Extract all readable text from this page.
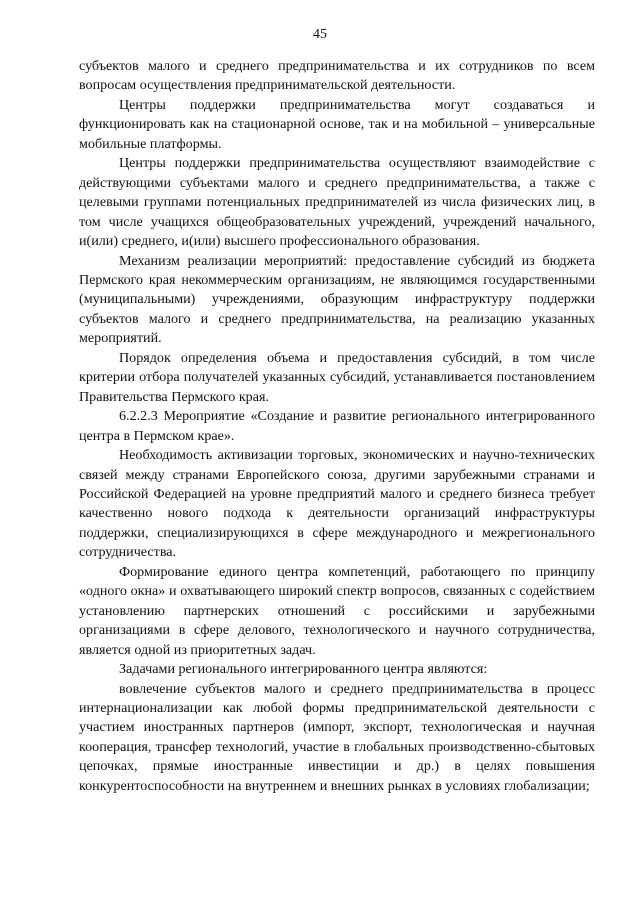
45

субъектов малого и среднего предпринимательства и их сотрудников по всем вопросам осуществления предпринимательской деятельности.

Центры поддержки предпринимательства могут создаваться и функционировать как на стационарной основе, так и на мобильной – универсальные мобильные платформы.

Центры поддержки предпринимательства осуществляют взаимодействие с действующими субъектами малого и среднего предпринимательства, а также с целевыми группами потенциальных предпринимателей из числа физических лиц, в том числе учащихся общеобразовательных учреждений, учреждений начального, и(или) среднего, и(или) высшего профессионального образования.

Механизм реализации мероприятий: предоставление субсидий из бюджета Пермского края некоммерческим организациям, не являющимся государственными (муниципальными) учреждениями, образующим инфраструктуру поддержки субъектов малого и среднего предпринимательства, на реализацию указанных мероприятий.

Порядок определения объема и предоставления субсидий, в том числе критерии отбора получателей указанных субсидий, устанавливается постановлением Правительства Пермского края.

6.2.2.3 Мероприятие «Создание и развитие регионального интегрированного центра в Пермском крае».

Необходимость активизации торговых, экономических и научно-технических связей между странами Европейского союза, другими зарубежными странами и Российской Федерацией на уровне предприятий малого и среднего бизнеса требует качественно нового подхода к деятельности организаций инфраструктуры поддержки, специализирующихся в сфере международного и межрегионального сотрудничества.

Формирование единого центра компетенций, работающего по принципу «одного окна» и охватывающего широкий спектр вопросов, связанных с содействием установлению партнерских отношений с российскими и зарубежными организациями в сфере делового, технологического и научного сотрудничества, является одной из приоритетных задач.

Задачами регионального интегрированного центра являются:

вовлечение субъектов малого и среднего предпринимательства в процесс интернационализации как любой формы предпринимательской деятельности с участием иностранных партнеров (импорт, экспорт, технологическая и научная кооперация, трансфер технологий, участие в глобальных производственно-сбытовых цепочках, прямые иностранные инвестиции и др.) в целях повышения конкурентоспособности на внутреннем и внешних рынках в условиях глобализации;
